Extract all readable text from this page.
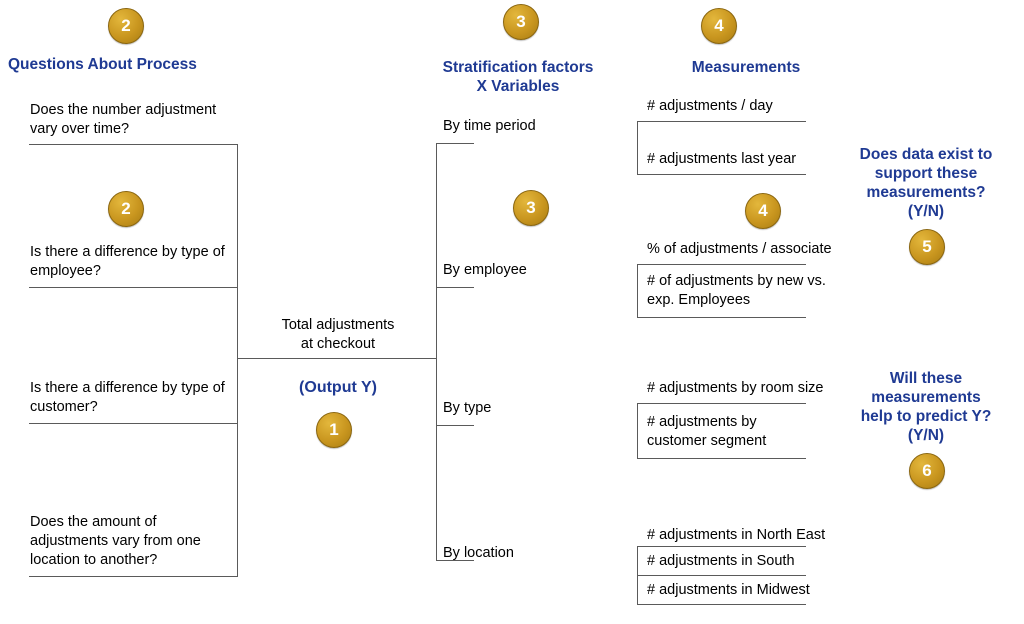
2	3	4
Questions About Process	Stratification factors
X Variables
Measurements
Does the number adjustment
vary over time?
2
Is there a difference by type of
employee?
Is there a difference by type of
customer?
Does the amount of
adjustments vary from one
location to another?
Total adjustments
at checkout
(Output Y)
1
By time period
By employee
By type
By location
3	4
# adjustments / day
# adjustments last year
% of adjustments / associate
# of adjustments by new vs.
exp. Employees
# adjustments by room size
# adjustments by
customer segment
# adjustments in North East
# adjustments in South
# adjustments in Midwest
Does data exist to
support these
measurements?
(Y/N)
5
Will these
measurements
help to predict Y?
(Y/N)
6
